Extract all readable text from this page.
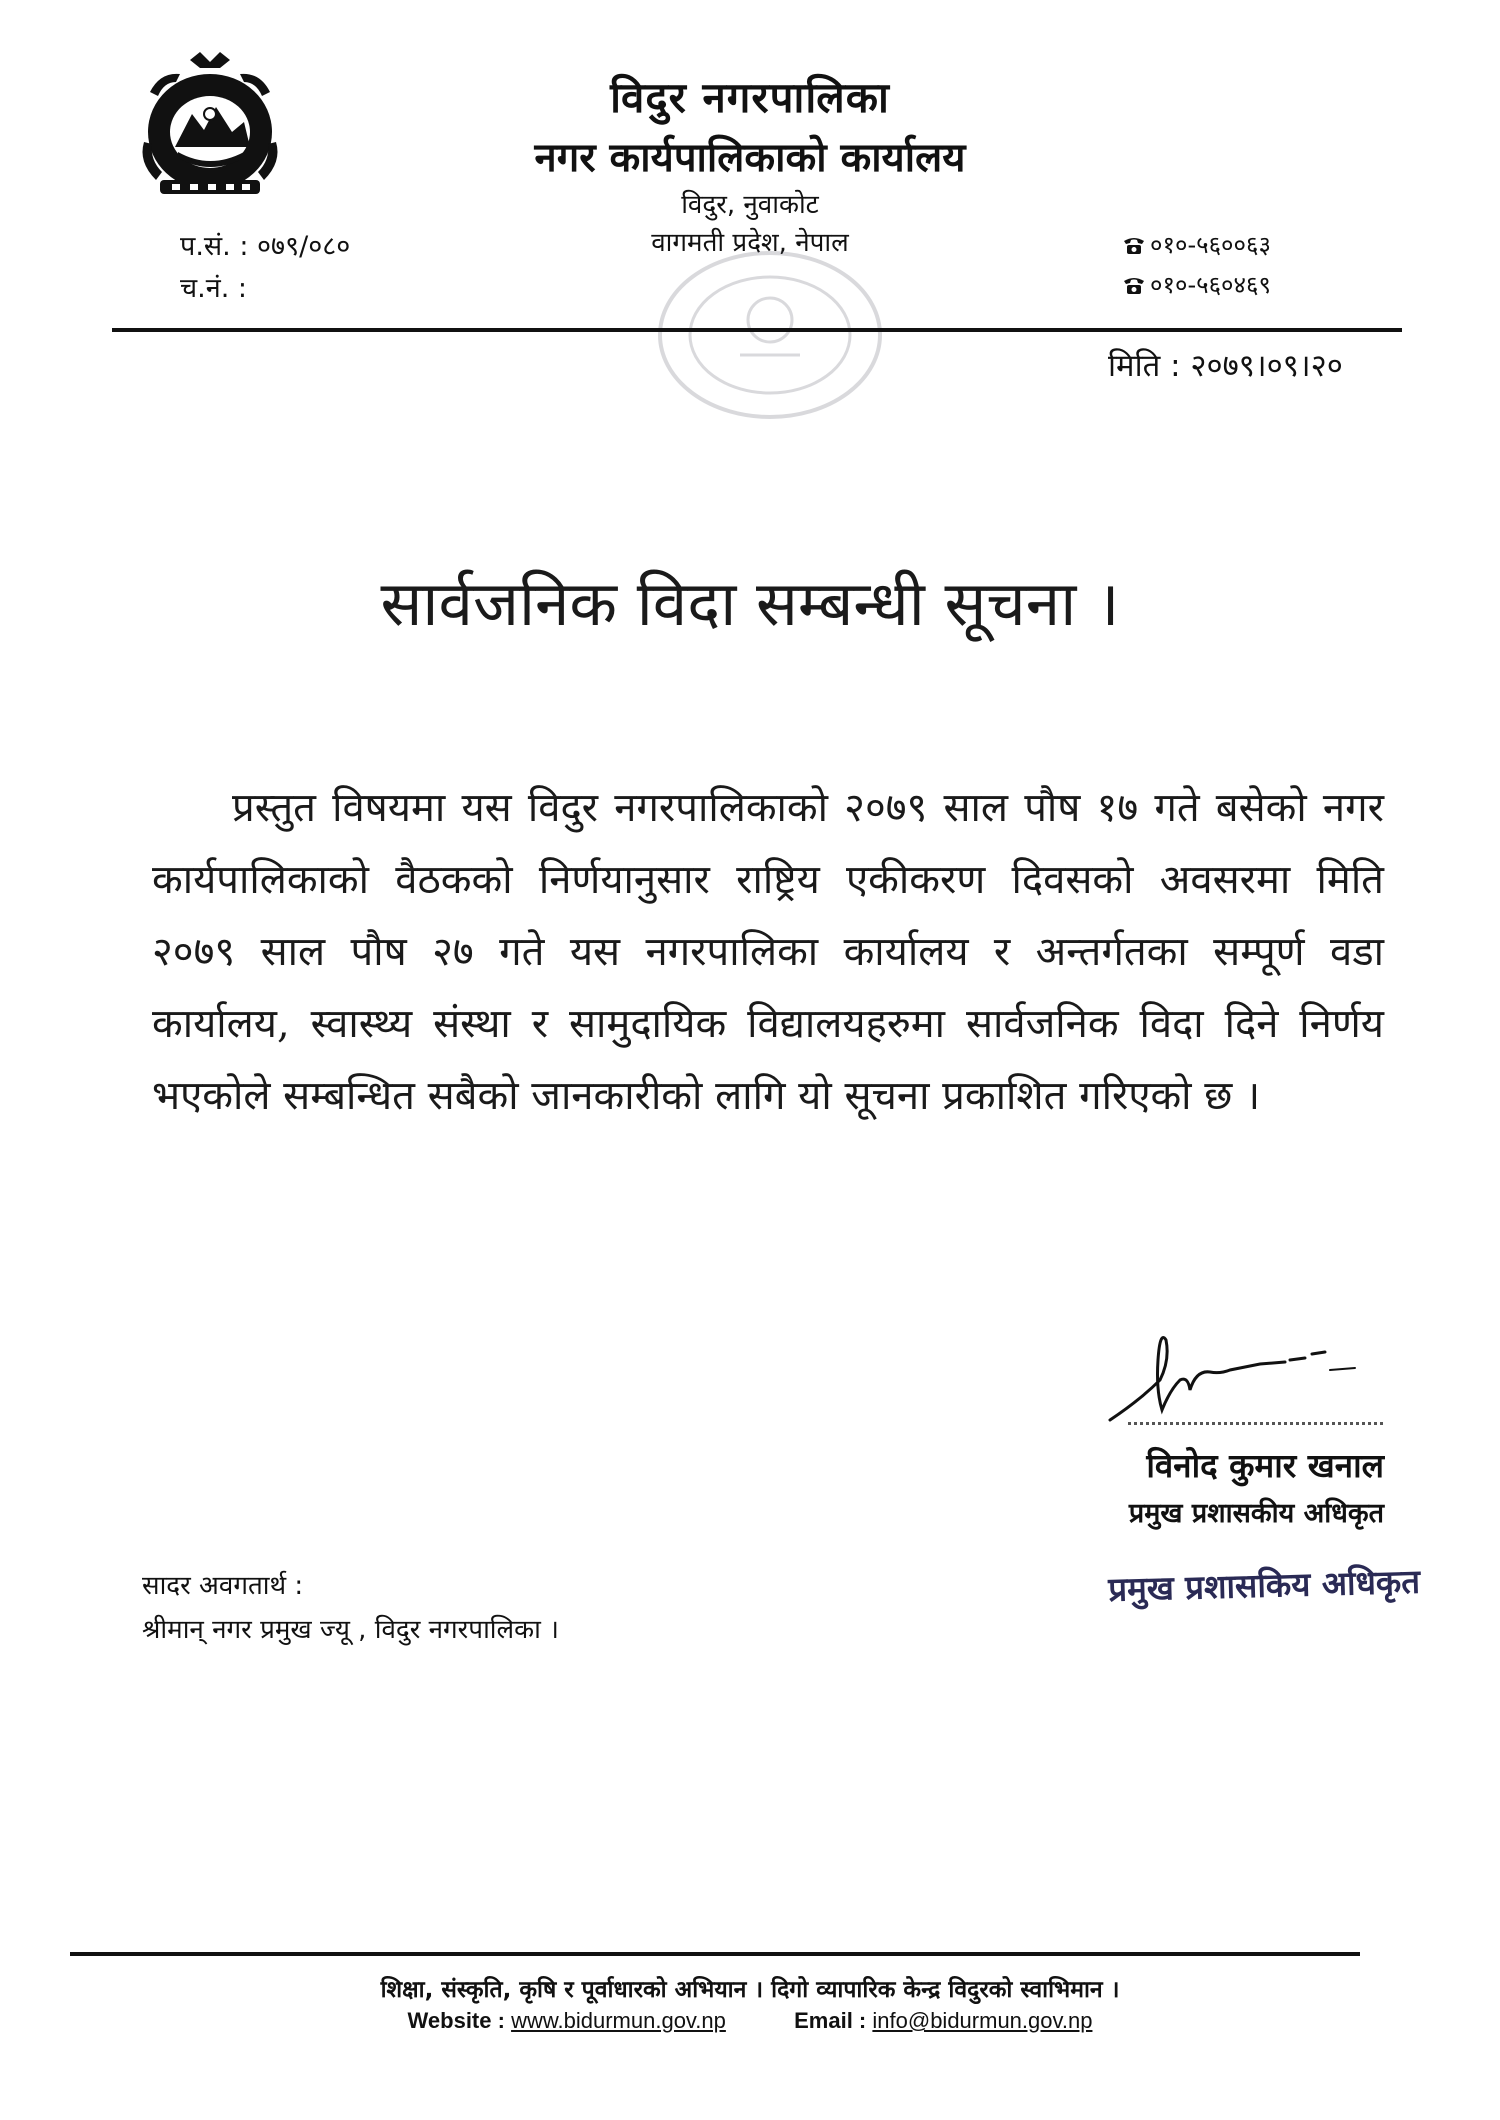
विदुर नगरपालिका
नगर कार्यपालिकाको कार्यालय
विदुर, नुवाकोट
वागमती प्रदेश, नेपाल
प.सं. : ०७९/०८०
च.नं. :
०१०-५६००६३
०१०-५६०४६९
मिति : २०७९।०९।२०
सार्वजनिक विदा सम्बन्धी सूचना ।
प्रस्तुत विषयमा यस विदुर नगरपालिकाको २०७९ साल पौष १७ गते बसेको नगर कार्यपालिकाको वैठकको निर्णयानुसार राष्ट्रिय एकीकरण दिवसको अवसरमा मिति २०७९ साल पौष २७ गते यस नगरपालिका कार्यालय र अन्तर्गतका सम्पूर्ण वडा कार्यालय, स्वास्थ्य संस्था र सामुदायिक विद्यालयहरुमा सार्वजनिक विदा दिने निर्णय भएकोले सम्बन्धित सबैको जानकारीको लागि यो सूचना प्रकाशित गरिएको छ ।
विनोद कुमार खनाल
प्रमुख प्रशासकीय अधिकृत
प्रमुख प्रशासकिय अधिकृत
सादर अवगतार्थ :
श्रीमान् नगर प्रमुख ज्यू , विदुर नगरपालिका ।
शिक्षा, संस्कृति, कृषि र पूर्वाधारको अभियान । दिगो व्यापारिक केन्द्र विदुरको स्वाभिमान ।
Website : www.bidurmun.gov.np	Email : info@bidurmun.gov.np
